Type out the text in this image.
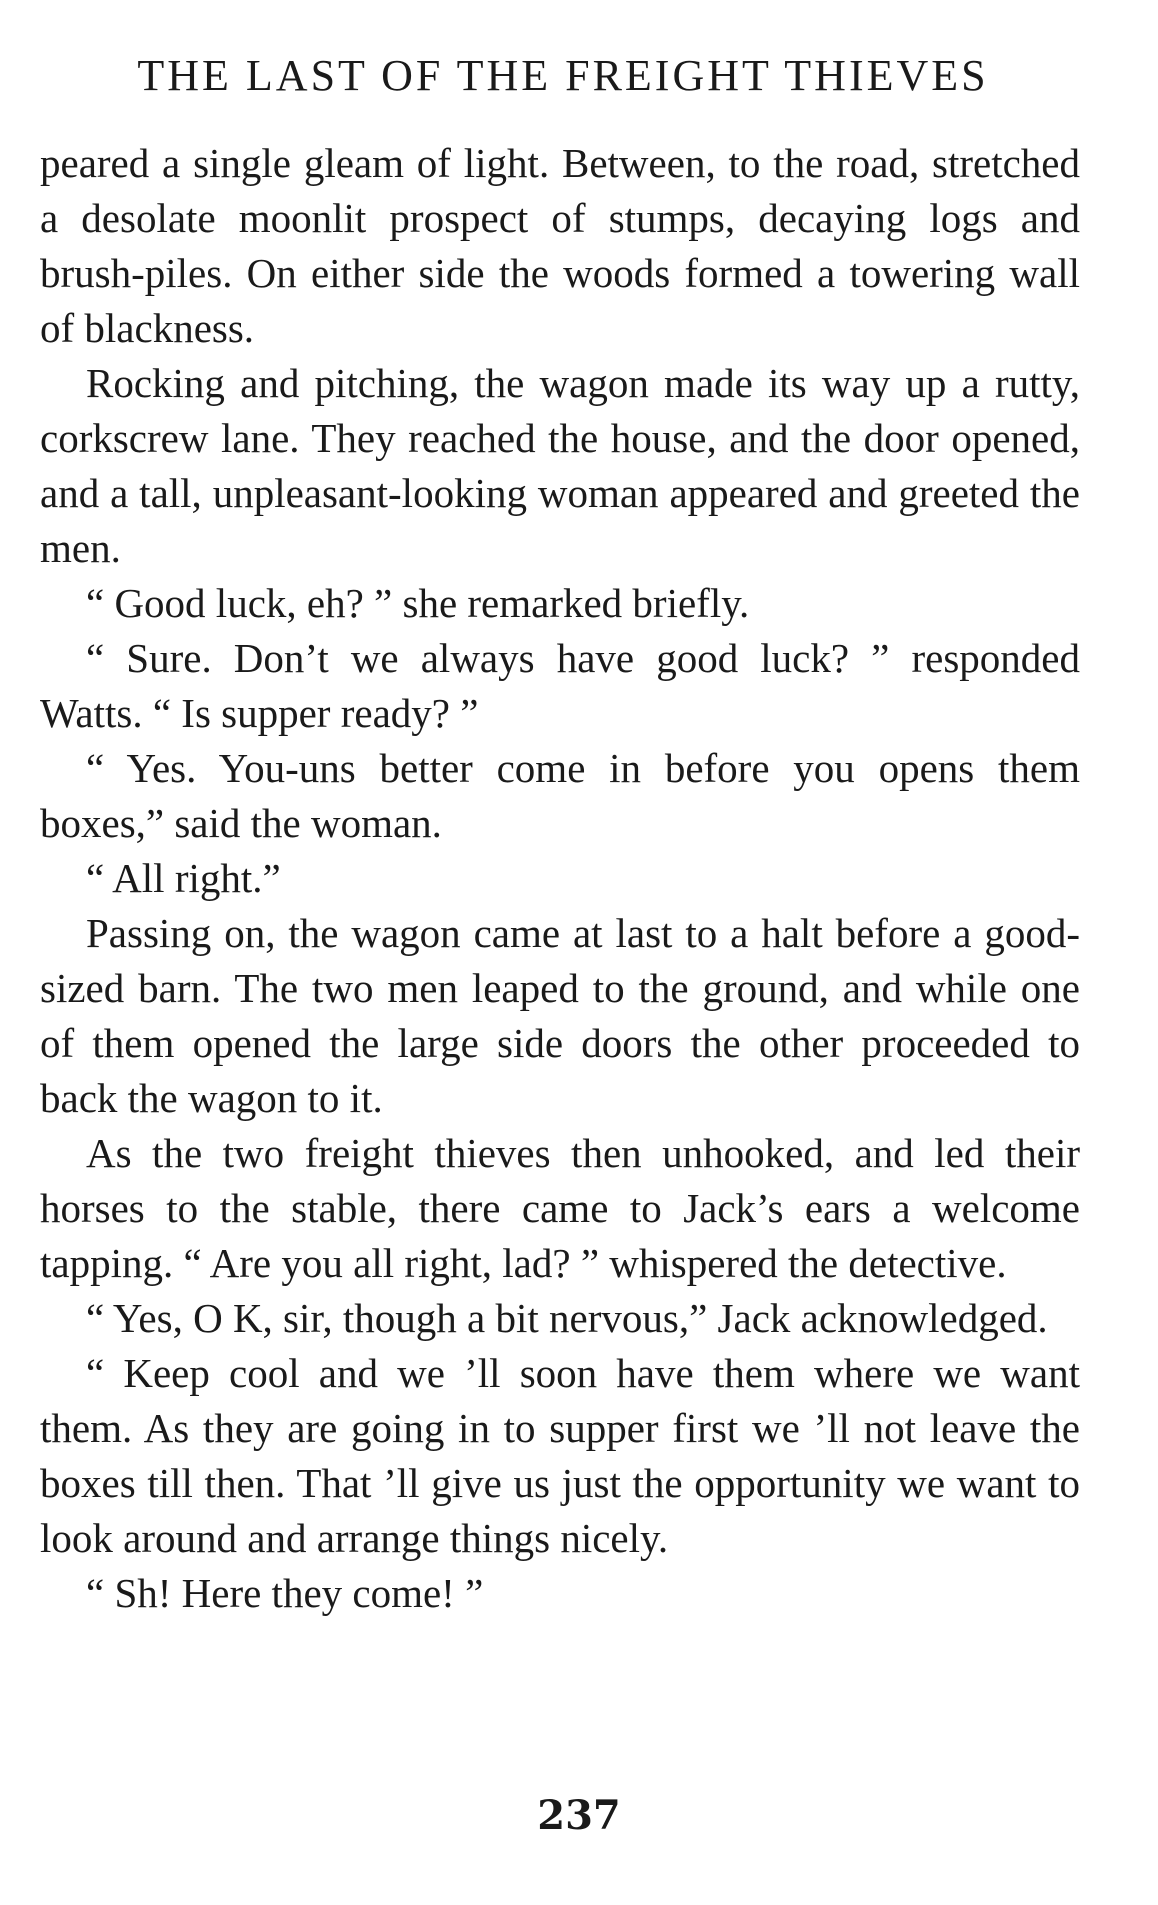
THE LAST OF THE FREIGHT THIEVES

peared a single gleam of light. Between, to the road, stretched a desolate moonlit prospect of stumps, decaying logs and brush-piles. On either side the woods formed a towering wall of blackness.

Rocking and pitching, the wagon made its way up a rutty, corkscrew lane. They reached the house, and the door opened, and a tall, unpleasant-looking woman appeared and greeted the men.

“ Good luck, eh? ” she remarked briefly.

“ Sure. Don’t we always have good luck? ” responded Watts. “ Is supper ready? ”

“ Yes. You-uns better come in before you opens them boxes,” said the woman.

“ All right.”

Passing on, the wagon came at last to a halt before a good-sized barn. The two men leaped to the ground, and while one of them opened the large side doors the other proceeded to back the wagon to it.

As the two freight thieves then unhooked, and led their horses to the stable, there came to Jack’s ears a welcome tapping. “ Are you all right, lad? ” whispered the detective.

“ Yes, O K, sir, though a bit nervous,” Jack acknowledged.

“ Keep cool and we ’ll soon have them where we want them. As they are going in to supper first we ’ll not leave the boxes till then. That ’ll give us just the opportunity we want to look around and arrange things nicely.

“ Sh! Here they come! ”

237
